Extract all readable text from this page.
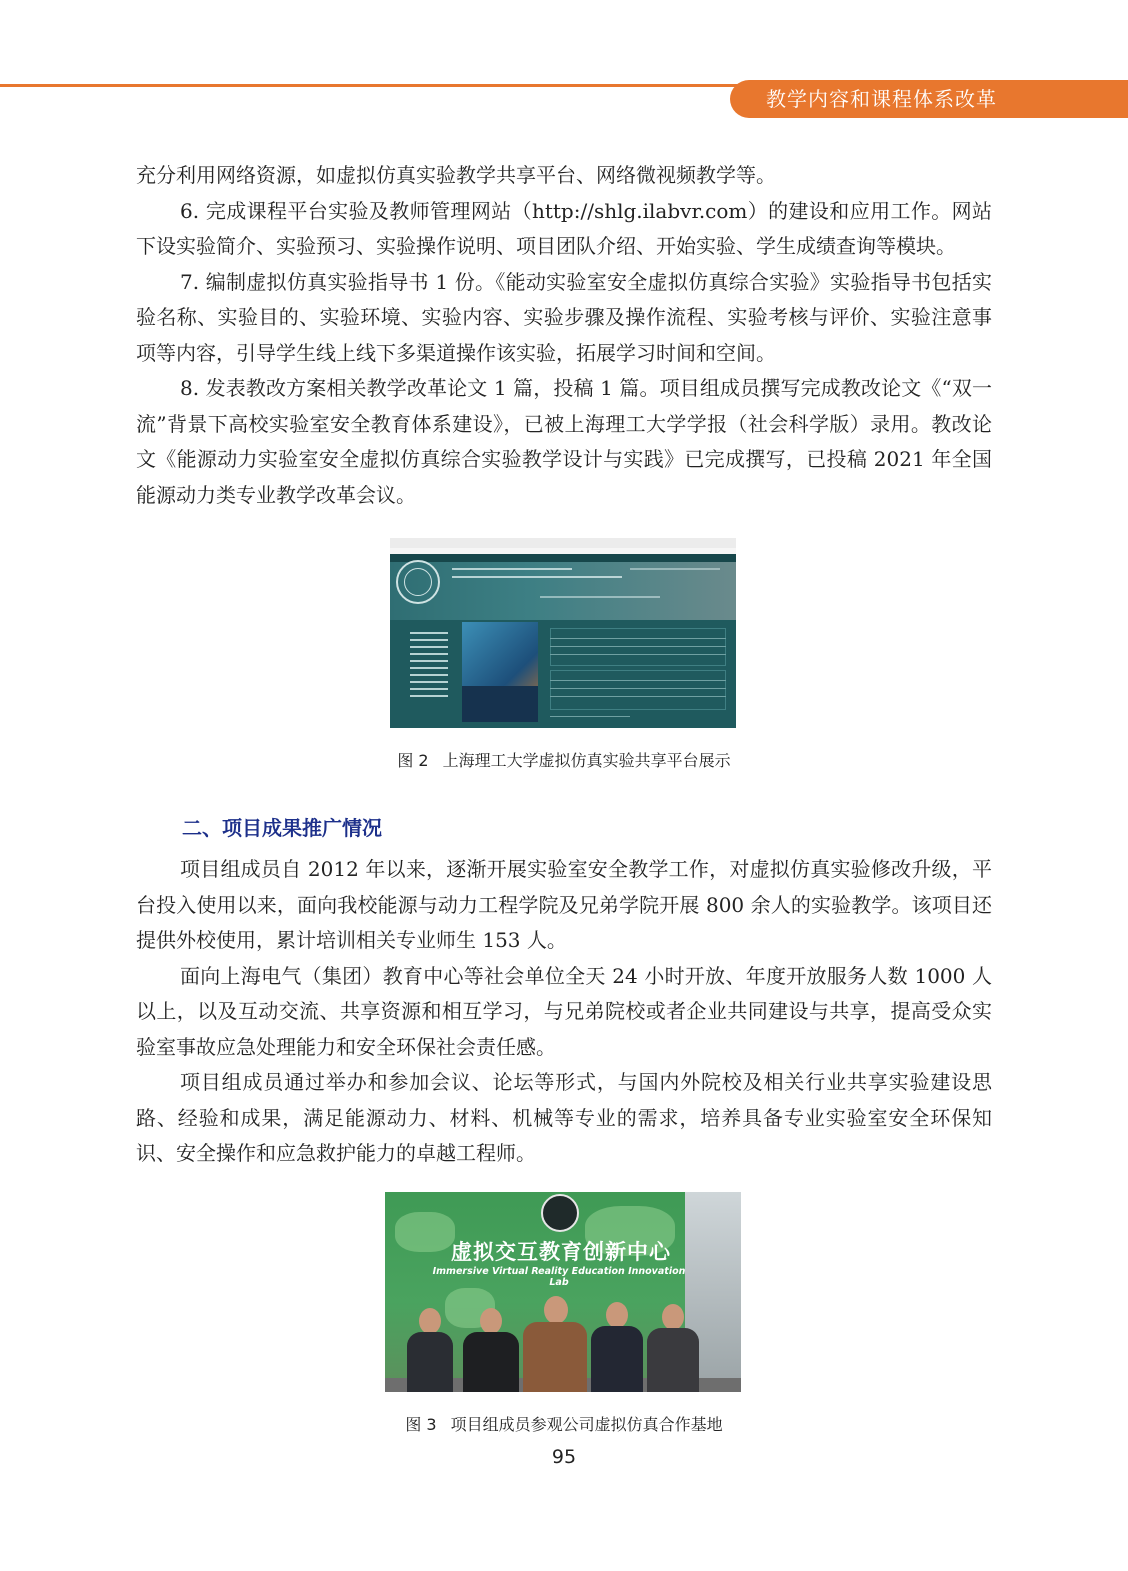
教学内容和课程体系改革

充分利用网络资源，如虚拟仿真实验教学共享平台、网络微视频教学等。

6. 完成课程平台实验及教师管理网站（http://shlg.ilabvr.com）的建设和应用工作。网站下设实验简介、实验预习、实验操作说明、项目团队介绍、开始实验、学生成绩查询等模块。

7. 编制虚拟仿真实验指导书 1 份。《能动实验室安全虚拟仿真综合实验》实验指导书包括实验名称、实验目的、实验环境、实验内容、实验步骤及操作流程、实验考核与评价、实验注意事项等内容，引导学生线上线下多渠道操作该实验，拓展学习时间和空间。

8. 发表教改方案相关教学改革论文 1 篇，投稿 1 篇。项目组成员撰写完成教改论文《“双一流”背景下高校实验室安全教育体系建设》，已被上海理工大学学报（社会科学版）录用。教改论文《能源动力实验室安全虚拟仿真综合实验教学设计与实践》已完成撰写，已投稿 2021 年全国能源动力类专业教学改革会议。

图 2 上海理工大学虚拟仿真实验共享平台展示
二、项目成果推广情况

项目组成员自 2012 年以来，逐渐开展实验室安全教学工作，对虚拟仿真实验修改升级，平台投入使用以来，面向我校能源与动力工程学院及兄弟学院开展 800 余人的实验教学。该项目还提供外校使用，累计培训相关专业师生 153 人。

面向上海电气（集团）教育中心等社会单位全天 24 小时开放、年度开放服务人数 1000 人以上，以及互动交流、共享资源和相互学习，与兄弟院校或者企业共同建设与共享，提高受众实验室事故应急处理能力和安全环保社会责任感。

项目组成员通过举办和参加会议、论坛等形式，与国内外院校及相关行业共享实验建设思路、经验和成果，满足能源动力、材料、机械等专业的需求，培养具备专业实验室安全环保知识、安全操作和应急救护能力的卓越工程师。

虚拟交互教育创新中心
Immersive Virtual Reality Education Innovation Lab
图 3 项目组成员参观公司虚拟仿真合作基地
95
